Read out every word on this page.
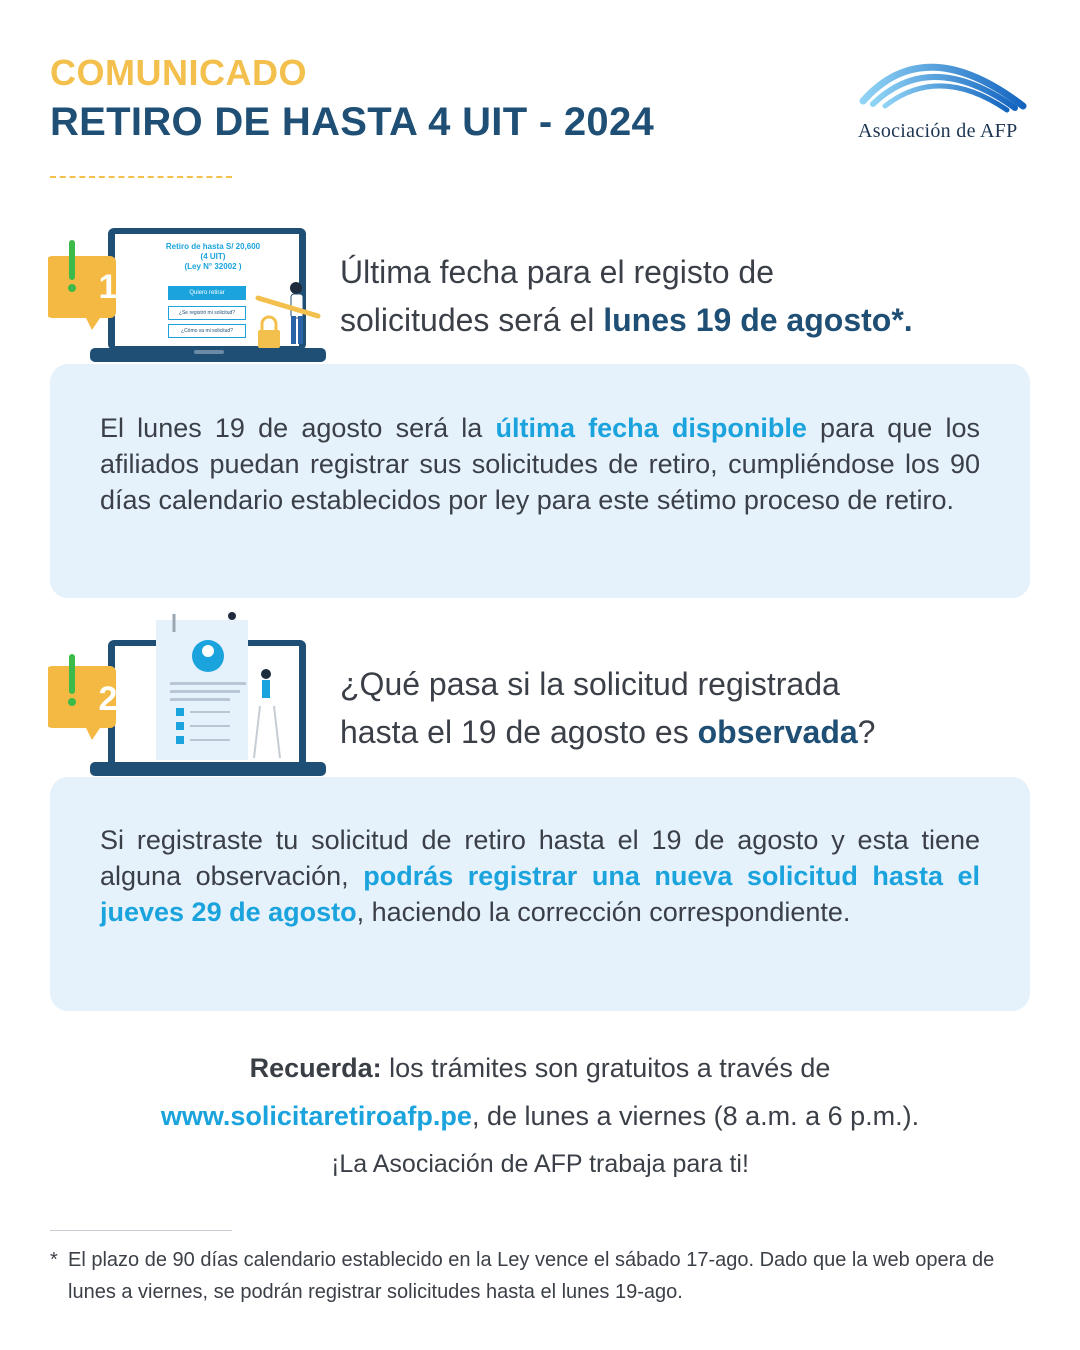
COMUNICADO
RETIRO DE HASTA 4 UIT - 2024	Asociación de AFP
1
Retiro de hasta S/ 20,600
(4 UIT)
(Ley N° 32002 )
Quiero retirar
¿Se registró mi solicitud?
¿Cómo va mi solicitud?
Última fecha para el registo de
solicitudes será el lunes 19 de agosto*.
El lunes 19 de agosto será la última fecha disponible para que los afiliados puedan registrar sus solicitudes de retiro, cumpliéndose los 90 días calendario establecidos por ley para este sétimo proceso de retiro.
2	¿Qué pasa si la solicitud registrada
hasta el 19 de agosto es observada?
Si registraste tu solicitud de retiro hasta el 19 de agosto y esta tiene alguna observación, podrás registrar una nueva solicitud hasta el jueves 29 de agosto, haciendo la corrección correspondiente.
Recuerda: los trámites son gratuitos a través de
www.solicitaretiroafp.pe, de lunes a viernes (8 a.m. a 6 p.m.).
¡La Asociación de AFP trabaja para ti!
* El plazo de 90 días calendario establecido en la Ley vence el sábado 17-ago. Dado que la web opera de lunes a viernes, se podrán registrar solicitudes hasta el lunes 19-ago.
